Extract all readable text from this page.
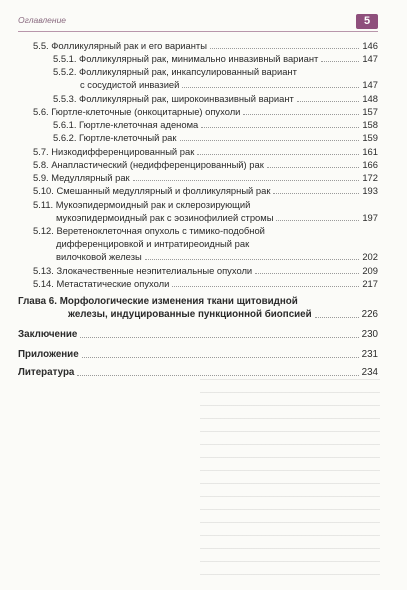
Оглавление	5
5.5. Фолликулярный рак и его варианты	146
5.5.1. Фолликулярный рак, минимально инвазивный вариант	147
5.5.2. Фолликулярный рак, инкапсулированный вариант
с сосудистой инвазией	147
5.5.3. Фолликулярный рак, широкоинвазивный вариант	148
5.6. Гюртле-клеточные (онкоцитарные) опухоли	157
5.6.1. Гюртле-клеточная аденома	158
5.6.2. Гюртле-клеточный рак	159
5.7. Низкодифференцированный рак	161
5.8. Анапластический (недифференцированный) рак	166
5.9. Медуллярный рак	172
5.10. Смешанный медуллярный и фолликулярный рак	193
5.11. Мукоэпидермоидный рак и склерозирующий
мукоэпидермоидный рак с эозинофилией стромы	197
5.12. Веретеноклеточная опухоль с тимико-подобной
дифференцировкой и интратиреоидный рак
вилочковой железы	202
5.13. Злокачественные неэпителиальные опухоли	209
5.14. Метастатические опухоли	217
Глава 6. Морфологические изменения ткани щитовидной
железы, индуцированные пункционной биопсией	226
Заключение	230
Приложение	231
Литература	234
